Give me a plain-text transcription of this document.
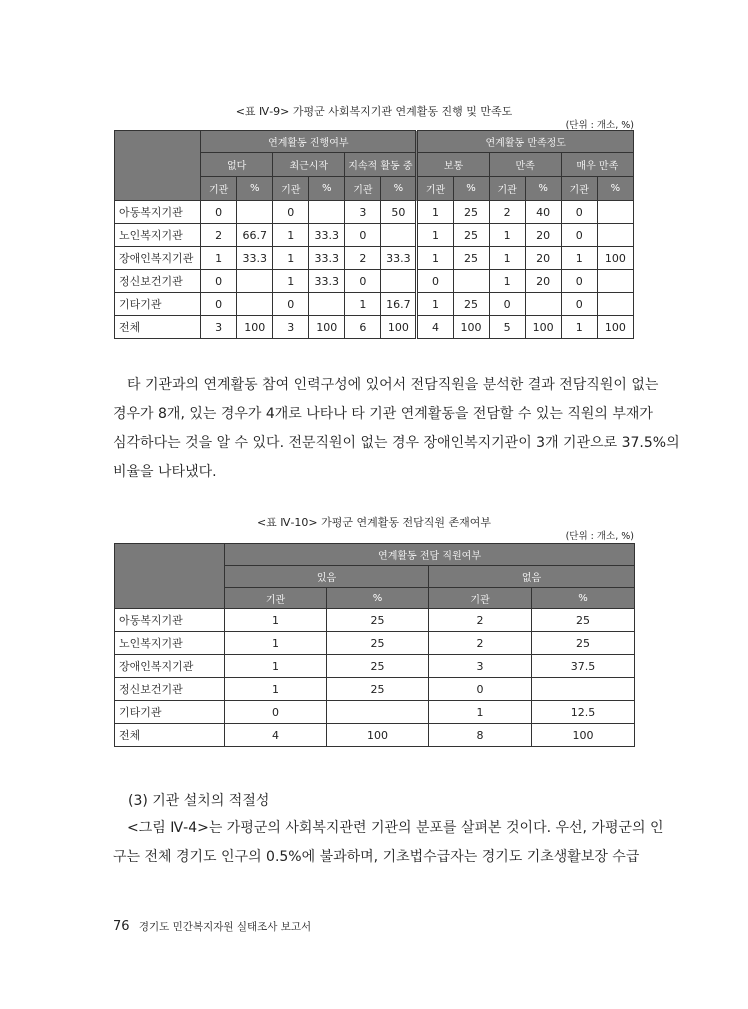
<표 Ⅳ-9> 가평군 사회복지기관 연계활동 진행 및 만족도
(단위 : 개소, %)
	연계활동 진행여부						연계활동 만족정도					
	없다		최근시작		지속적 활동 중		보통		만족		매우 만족	
	기관	%	기관	%	기관	%	기관	%	기관	%	기관	%
아동복지기관	0		0		3	50	1	25	2	40	0	
노인복지기관	2	66.7	1	33.3	0		1	25	1	20	0	
장애인복지기관	1	33.3	1	33.3	2	33.3	1	25	1	20	1	100
정신보건기관	0		1	33.3	0		0		1	20	0	
기타기관	0		0		1	16.7	1	25	0		0	
전체	3	100	3	100	6	100	4	100	5	100	1	100
타 기관과의 연계활동 참여 인력구성에 있어서 전담직원을 분석한 결과 전담직원이 없는
경우가 8개, 있는 경우가 4개로 나타나 타 기관 연계활동을 전담할 수 있는 직원의 부재가
심각하다는 것을 알 수 있다. 전문직원이 없는 경우 장애인복지기관이 3개 기관으로 37.5%의
비율을 나타냈다.
<표 Ⅳ-10> 가평군 연계활동 전담직원 존재여부
(단위 : 개소, %)
	연계활동 전담 직원여부			
	있음		없음	
	기관	%	기관	%
아동복지기관	1	25	2	25
노인복지기관	1	25	2	25
장애인복지기관	1	25	3	37.5
정신보건기관	1	25	0	
기타기관	0		1	12.5
전체	4	100	8	100
(3) 기관 설치의 적절성
<그림 Ⅳ-4>는 가평군의 사회복지관련 기관의 분포를 살펴본 것이다. 우선, 가평군의 인
구는 전체 경기도 인구의 0.5%에 불과하며, 기초법수급자는 경기도 기초생활보장 수급
76 경기도 민간복지자원 실태조사 보고서
